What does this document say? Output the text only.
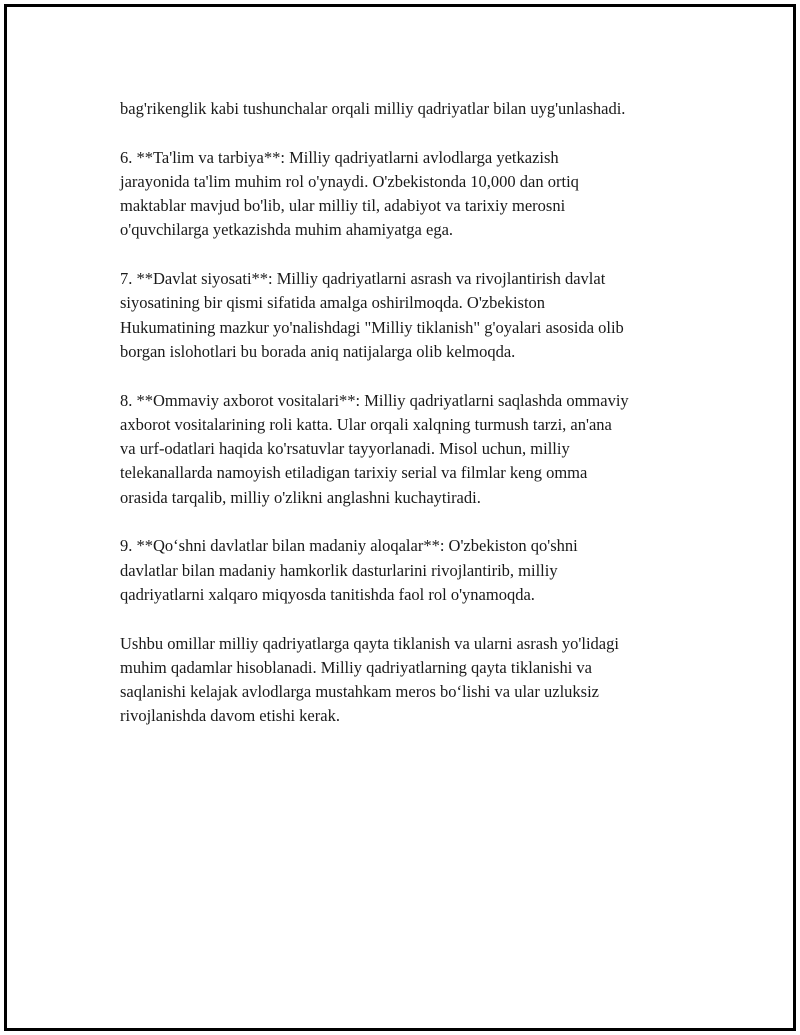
bag'rikenglik kabi tushunchalar orqali milliy qadriyatlar bilan uyg'unlashadi.

6. **Ta'lim va tarbiya**: Milliy qadriyatlarni avlodlarga yetkazish
jarayonida ta'lim muhim rol o'ynaydi. O'zbekistonda 10,000 dan ortiq
maktablar mavjud bo'lib, ular milliy til, adabiyot va tarixiy merosni
o'quvchilarga yetkazishda muhim ahamiyatga ega.

7. **Davlat siyosati**: Milliy qadriyatlarni asrash va rivojlantirish davlat
siyosatining bir qismi sifatida amalga oshirilmoqda. O'zbekiston
Hukumatining mazkur yo'nalishdagi "Milliy tiklanish" g'oyalari asosida olib
borgan islohotlari bu borada aniq natijalarga olib kelmoqda.

8. **Ommaviy axborot vositalari**: Milliy qadriyatlarni saqlashda ommaviy
axborot vositalarining roli katta. Ular orqali xalqning turmush tarzi, an'ana
va urf-odatlari haqida ko'rsatuvlar tayyorlanadi. Misol uchun, milliy
telekanallarda namoyish etiladigan tarixiy serial va filmlar keng omma
orasida tarqalib, milliy o'zlikni anglashni kuchaytiradi.

9. **Qo‘shni davlatlar bilan madaniy aloqalar**: O'zbekiston qo'shni
davlatlar bilan madaniy hamkorlik dasturlarini rivojlantirib, milliy
qadriyatlarni xalqaro miqyosda tanitishda faol rol o'ynamoqda.

Ushbu omillar milliy qadriyatlarga qayta tiklanish va ularni asrash yo'lidagi
muhim qadamlar hisoblanadi. Milliy qadriyatlarning qayta tiklanishi va
saqlanishi kelajak avlodlarga mustahkam meros bo‘lishi va ular uzluksiz
rivojlanishda davom etishi kerak.
